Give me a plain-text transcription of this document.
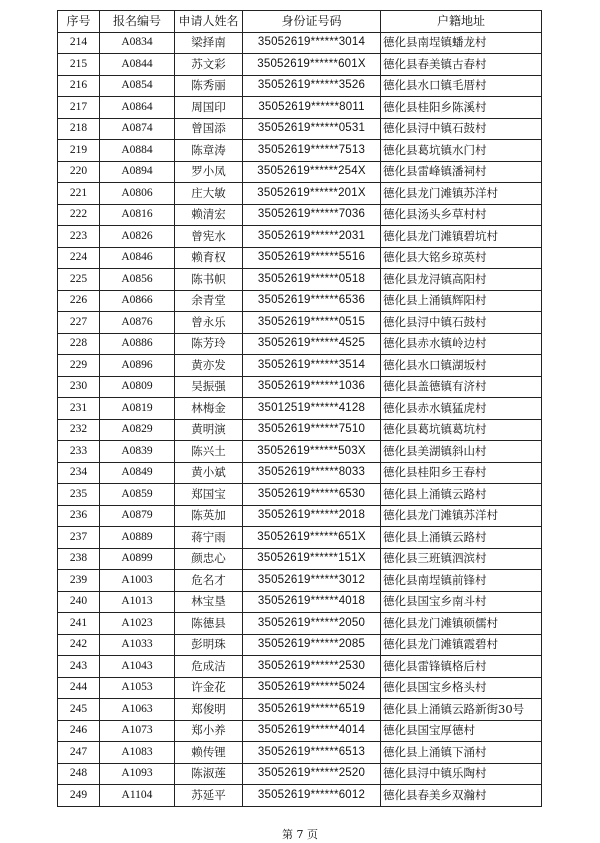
序号	报名编号	申请人姓名	身份证号码	户籍地址
214	A0834	梁择南	35052619******3014	德化县南埕镇蟠龙村
215	A0844	苏文彩	35052619******601X	德化县春美镇古春村
216	A0854	陈秀丽	35052619******3526	德化县水口镇毛厝村
217	A0864	周国印	35052619******8011	德化县桂阳乡陈溪村
218	A0874	曾国添	35052619******0531	德化县浔中镇石鼓村
219	A0884	陈章涛	35052619******7513	德化县葛坑镇水门村
220	A0894	罗小凤	35052619******254X	德化县雷峰镇潘祠村
221	A0806	庄大敏	35052619******201X	德化县龙门滩镇苏洋村
222	A0816	赖清宏	35052619******7036	德化县汤头乡草村村
223	A0826	曾宪水	35052619******2031	德化县龙门滩镇碧坑村
224	A0846	赖育权	35052619******5516	德化县大铭乡琼英村
225	A0856	陈书帜	35052619******0518	德化县龙浔镇高阳村
226	A0866	余青堂	35052619******6536	德化县上涌镇辉阳村
227	A0876	曾永乐	35052619******0515	德化县浔中镇石鼓村
228	A0886	陈芳玲	35052619******4525	德化县赤水镇岭边村
229	A0896	黄亦发	35052619******3514	德化县水口镇湖坂村
230	A0809	吴振强	35052619******1036	德化县盖德镇有济村
231	A0819	林梅金	35012519******4128	德化县赤水镇猛虎村
232	A0829	黄明演	35052619******7510	德化县葛坑镇葛坑村
233	A0839	陈兴土	35052619******503X	德化县美湖镇斜山村
234	A0849	黄小斌	35052619******8033	德化县桂阳乡王春村
235	A0859	郑国宝	35052619******6530	德化县上涌镇云路村
236	A0879	陈英加	35052619******2018	德化县龙门滩镇苏洋村
237	A0889	蒋宁雨	35052619******651X	德化县上涌镇云路村
238	A0899	颜忠心	35052619******151X	德化县三班镇泗滨村
239	A1003	危名才	35052619******3012	德化县南埕镇前锋村
240	A1013	林宝垦	35052619******4018	德化县国宝乡南斗村
241	A1023	陈德县	35052619******2050	德化县龙门滩镇硕儒村
242	A1033	彭明珠	35052619******2085	德化县龙门滩镇霞碧村
243	A1043	危成洁	35052619******2530	德化县雷锋镇格后村
244	A1053	许金花	35052619******5024	德化县国宝乡格头村
245	A1063	郑俊明	35052619******6519	德化县上涌镇云路新街30号
246	A1073	郑小养	35052619******4014	德化县国宝厚德村
247	A1083	赖传锂	35052619******6513	德化县上涌镇下涌村
248	A1093	陈淑莲	35052619******2520	德化县浔中镇乐陶村
249	A1104	苏延平	35052619******6012	德化县春美乡双瀚村
第 7 页
